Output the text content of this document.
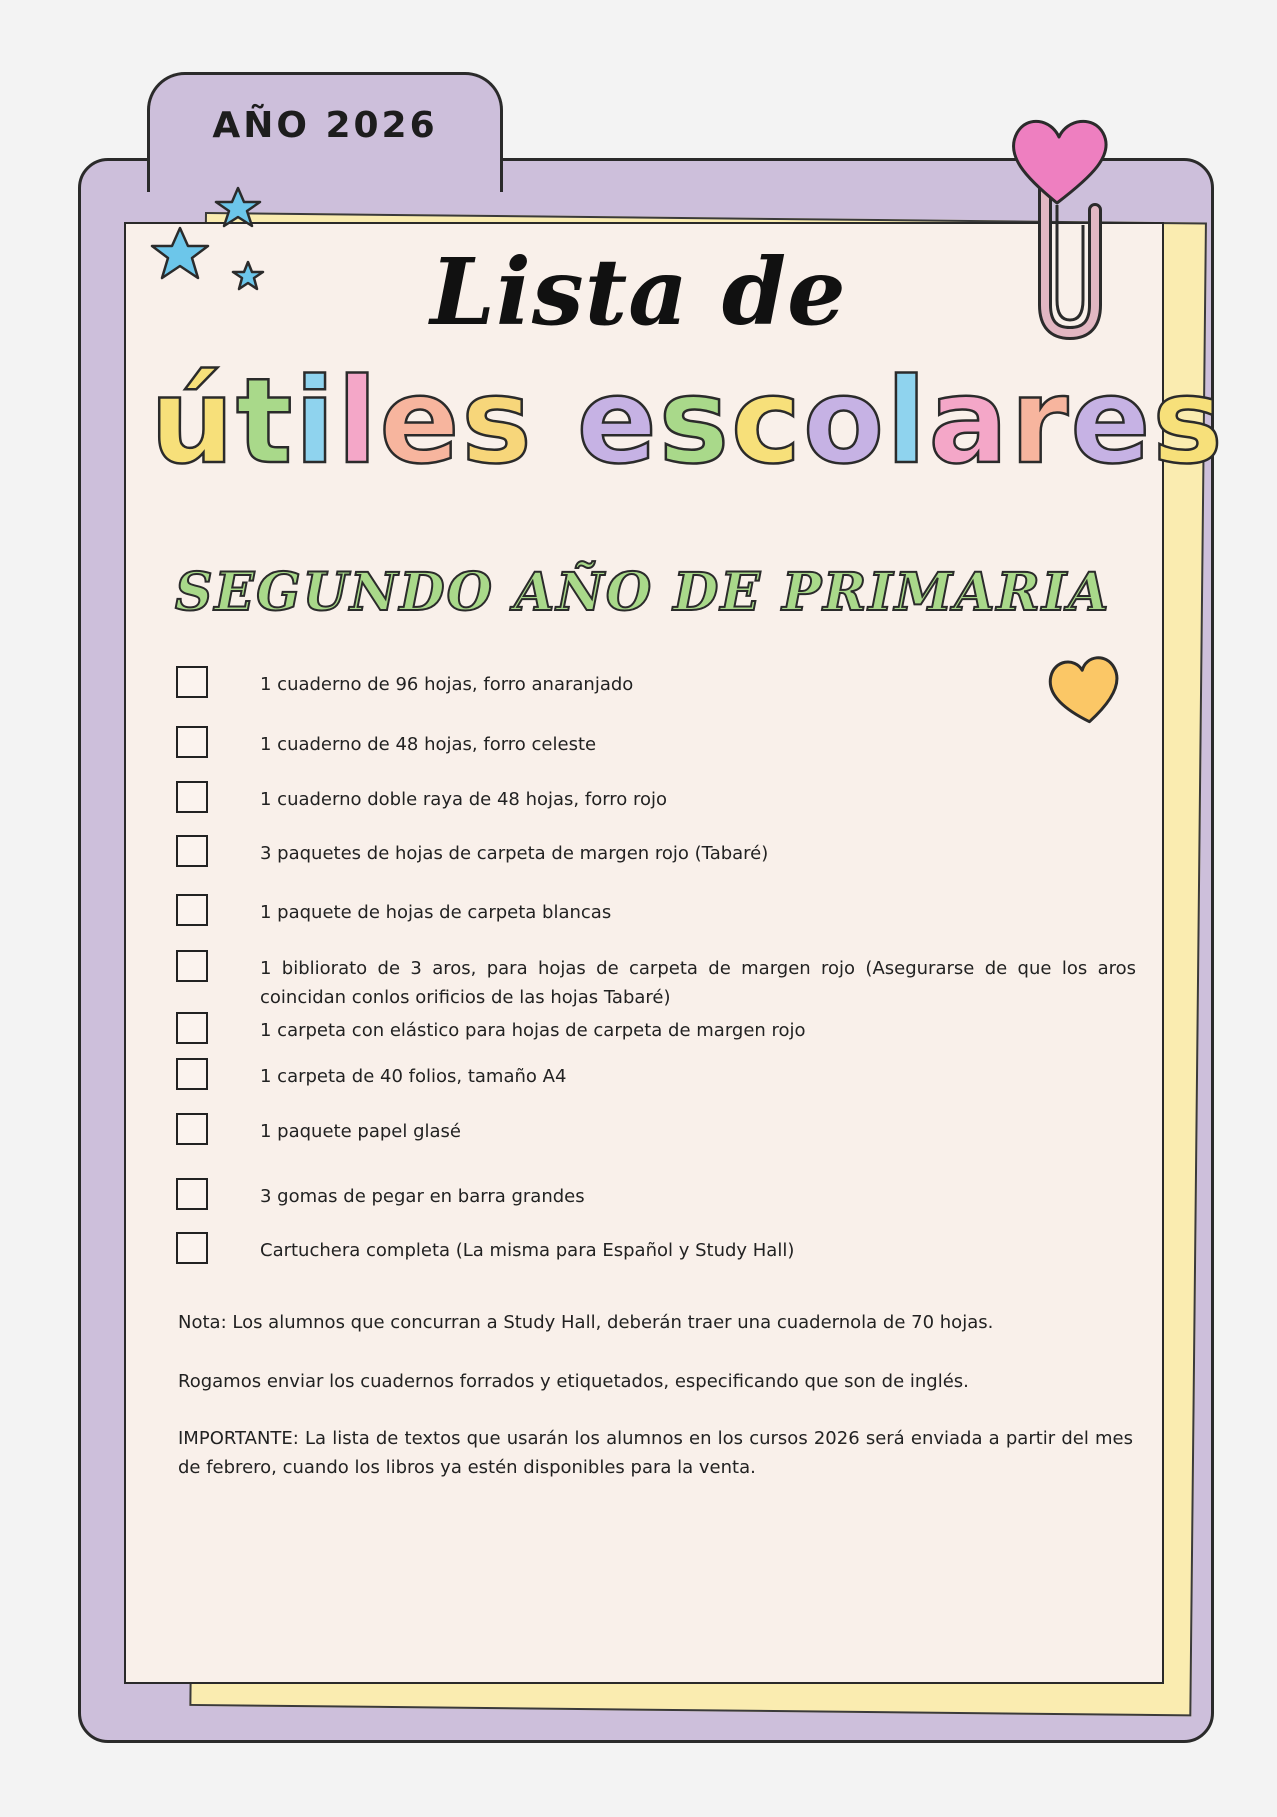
AÑO 2026
Lista de
útiles escolares
SEGUNDO AÑO DE PRIMARIA
1 cuaderno de 96 hojas, forro anaranjado
1 cuaderno de 48 hojas, forro celeste
1 cuaderno doble raya de 48 hojas, forro rojo
3 paquetes de hojas de carpeta de margen rojo (Tabaré)
1 paquete de hojas de carpeta blancas
1 bibliorato de 3 aros, para hojas de carpeta de margen rojo (Asegurarse de que los aros coincidan conlos orificios de las hojas Tabaré)
1 carpeta con elástico para hojas de carpeta de margen rojo
1 carpeta de 40 folios, tamaño A4
1 paquete papel glasé
3 gomas de pegar en barra grandes
Cartuchera completa (La misma para Español y Study Hall)
Nota: Los alumnos que concurran a Study Hall, deberán traer una cuadernola de 70 hojas.
Rogamos enviar los cuadernos forrados y etiquetados, especificando que son de inglés.
IMPORTANTE: La lista de textos que usarán los alumnos en los cursos 2026 será enviada a partir del mes de febrero, cuando los libros ya estén disponibles para la venta.
